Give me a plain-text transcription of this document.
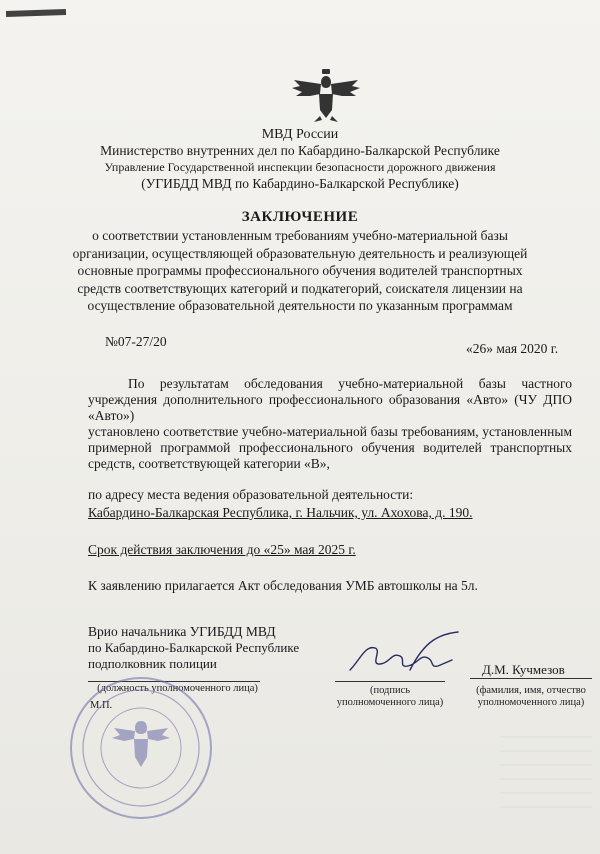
МВД России
Министерство внутренних дел по Кабардино-Балкарской Республике
Управление Государственной инспекции безопасности дорожного движения
(УГИБДД МВД по Кабардино-Балкарской Республике)
ЗАКЛЮЧЕНИЕ
о соответствии установленным требованиям учебно-материальной базы
организации, осуществляющей образовательную деятельность и реализующей
основные программы профессионального обучения водителей транспортных
средств соответствующих категорий и подкатегорий, соискателя лицензии на
осуществление образовательной деятельности по указанным программам
№07-27/20	«26» мая 2020 г.
По результатам обследования учебно-материальной базы частного учреждения дополнительного профессионального образования «Авто» (ЧУ ДПО «Авто»)
установлено соответствие учебно-материальной базы требованиям, установленным примерной программой профессионального обучения водителей транспортных средств, соответствующей категории «В»,
по адресу места ведения образовательной деятельности:
Кабардино-Балкарская Республика, г. Нальчик, ул. Ахохова, д. 190.
Срок действия заключения до «25» мая 2025 г.
К заявлению прилагается Акт обследования УМБ автошколы на 5л.
Врио начальника УГИБДД МВД
по Кабардино-Балкарской Республике
подполковник полиции
(должность уполномоченного лица)	(подпись уполномоченного лица)
Д.М. Кучмезов
(фамилия, имя, отчество уполномоченного лица)
М.П.
